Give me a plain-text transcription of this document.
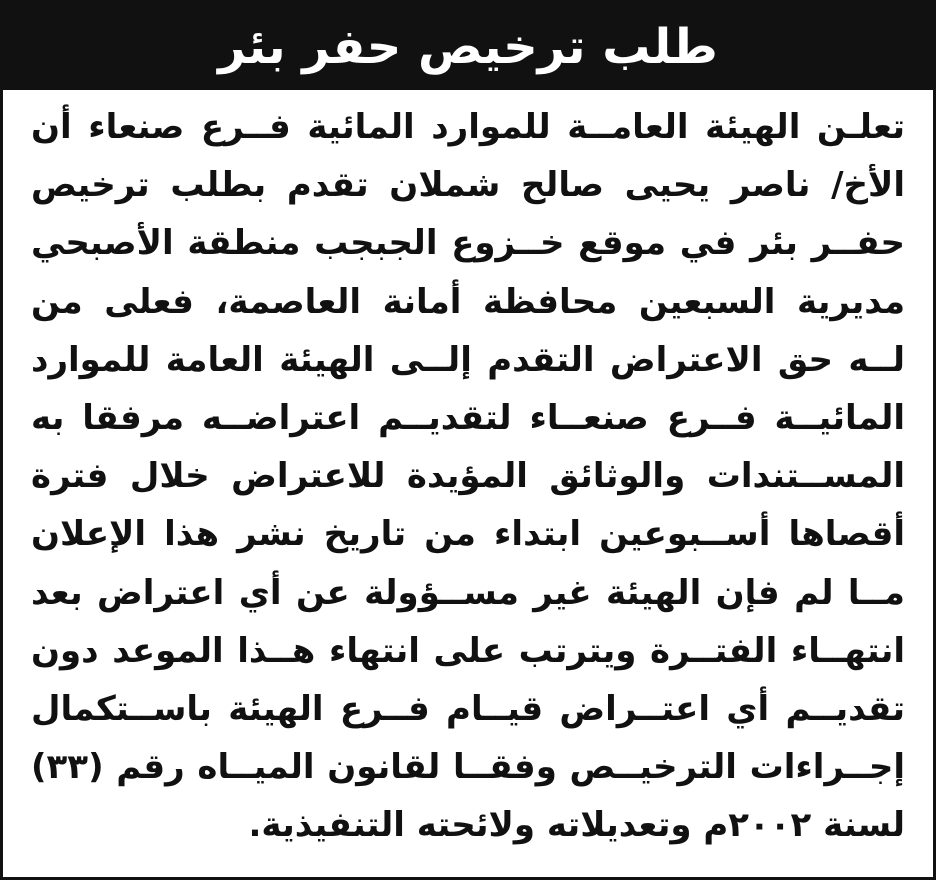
طلب ترخيص حفر بئر
تعلـن الهيئة العامــة للموارد المائية فــرع صنعاء أن
الأخ/ ناصر يحيى صالح شملان تقدم بطلب ترخيص
حفــر بئر في موقع خــزوع الجبجب منطقة الأصبحي
مديرية السبعين محافظة أمانة العاصمة، فعلى من
لــه حق الاعتراض التقدم إلــى الهيئة العامة للموارد
المائيــة فــرع صنعــاء لتقديــم اعتراضــه مرفقا به
المســتندات والوثائق المؤيدة للاعتراض خلال فترة
أقصاها أســبوعين ابتداء من تاريخ نشر هذا الإعلان
مــا لم فإن الهيئة غير مســؤولة عن أي اعتراض بعد
انتهــاء الفتــرة ويترتب على انتهاء هــذا الموعد دون
تقديــم أي اعتــراض قيــام فــرع الهيئة باســتكمال
إجــراءات الترخيــص وفقــا لقانون الميــاه رقم (٣٣)
لسنة ٢٠٠٢م وتعديلاته ولائحته التنفيذية.
